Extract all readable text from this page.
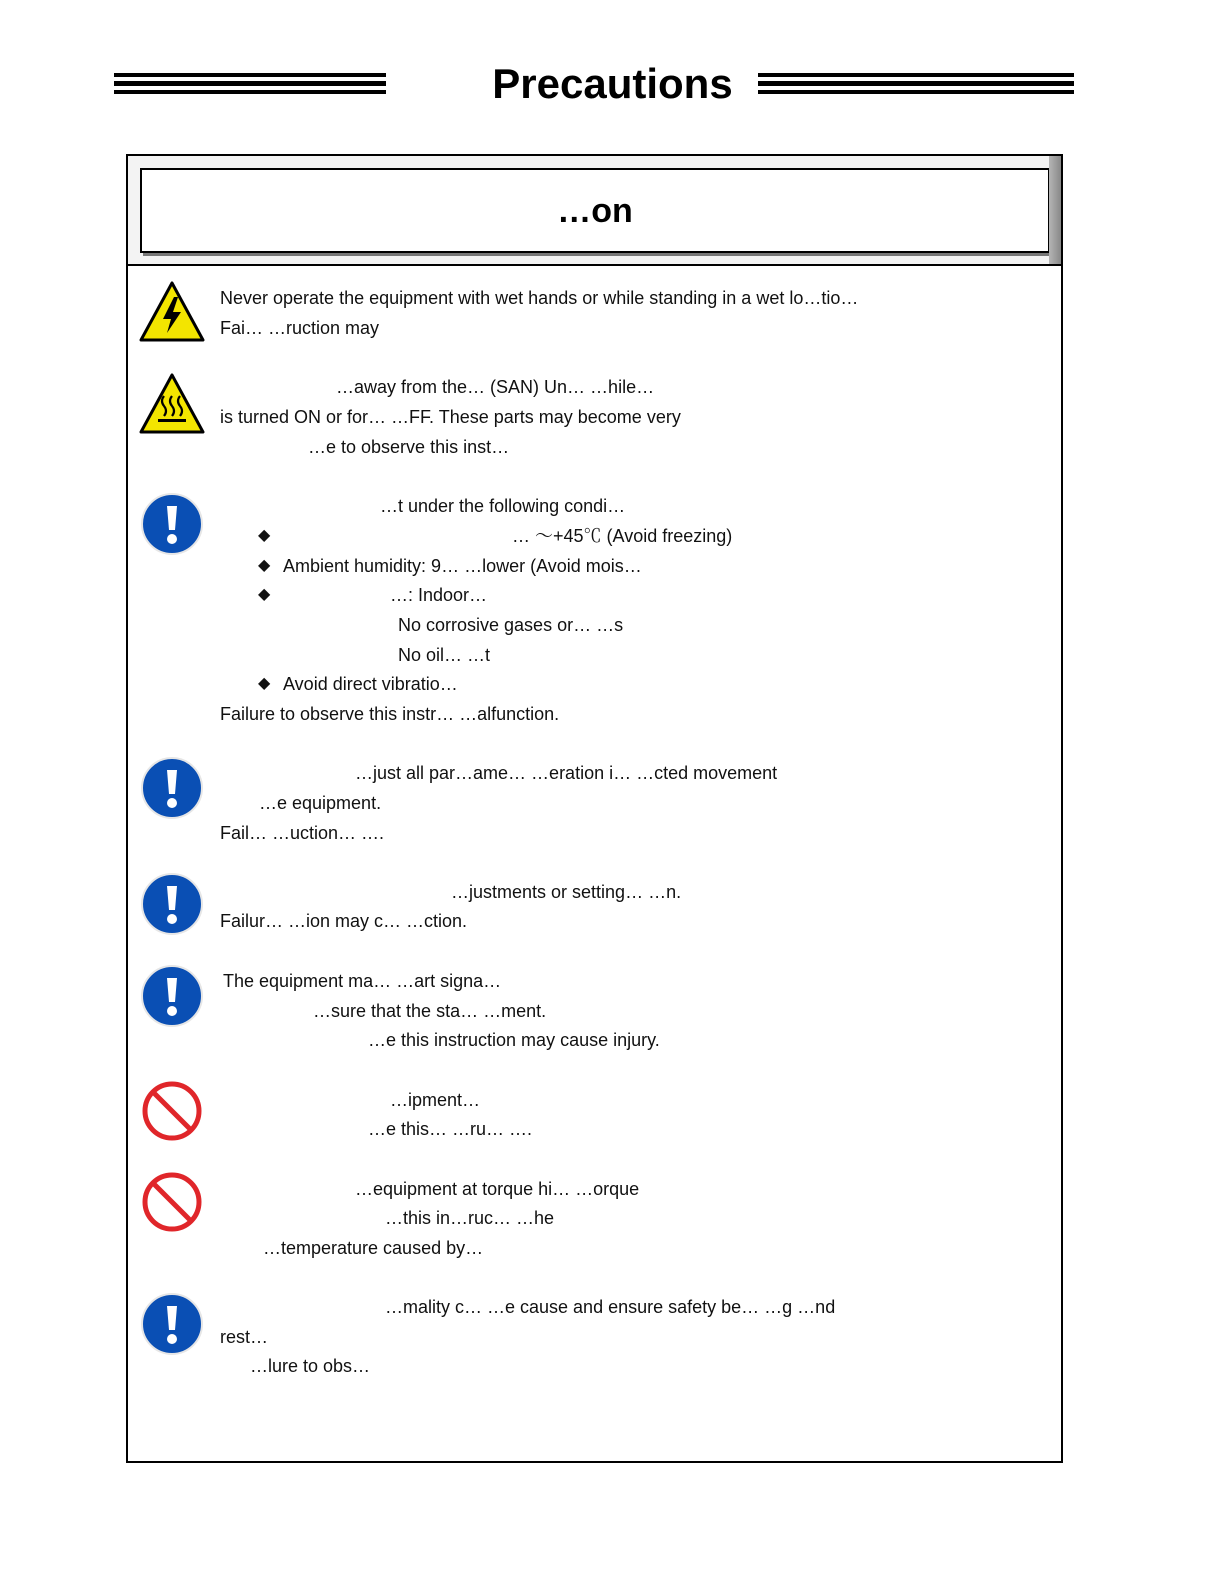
Precautions
…on
Never operate the equipment with wet hands or while standing in a wet lo…tio…
Fai… …ruction may
…away from the… (SAN) Un… …hile…
is turned ON or for… …FF. These parts may become very
…e to observe this inst…
…t under the following condi…
◆	… ～+45℃ (Avoid freezing)
◆ Ambient humidity: 9… …lower (Avoid mois…
◆	…: Indoor…
No corrosive gases or… …s
No oil… …t
◆ Avoid direct vibratio…
Failure to observe this instr… …alfunction.
…just all par…ame… …eration i… …cted movement
…e equipment.
Fail… …uction… ….
…justments or setting… …n.
Failur… …ion may c… …ction.
The equipment ma… …art signa…
…sure that the sta… …ment.
…e this instruction may cause injury.
…ipment…
…e this… …ru… ….
…equipment at torque hi… …orque
…this in…ruc… …he
…temperature caused by…
…mality c… …e cause and ensure safety be… …g …nd
rest…
…lure to obs…
